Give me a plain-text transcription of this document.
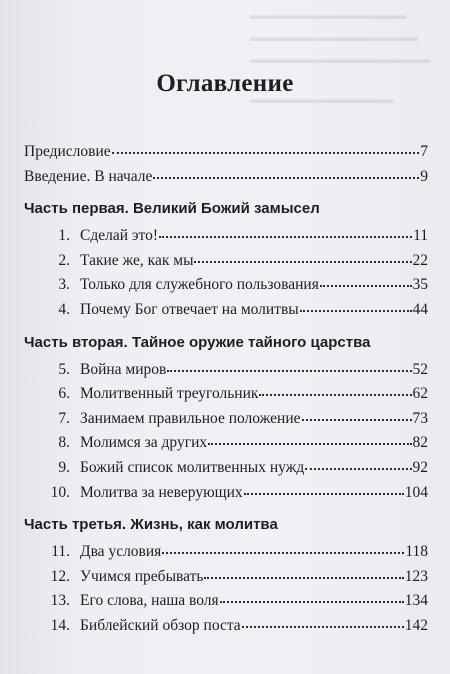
▬▬▬▬▬▬▬▬▬▬▬▬▬
▬▬▬▬▬▬▬▬▬▬▬▬▬▬
▬▬▬▬▬▬▬▬▬▬▬▬▬▬▬
▬▬▬▬▬▬▬▬▬▬▬▬
Оглавление
Предисловие	7
Введение. В начале	9
Часть первая. Великий Божий замысел
1. Сделай это!	11
2. Такие же, как мы	22
3. Только для служебного пользования	35
4. Почему Бог отвечает на молитвы	44
Часть вторая. Тайное оружие тайного царства
5. Война миров	52
6. Молитвенный треугольник	62
7. Занимаем правильное положение	73
8. Молимся за других	82
9. Божий список молитвенных нужд	92
10. Молитва за неверующих	104
Часть третья. Жизнь, как молитва
11. Два условия	118
12. Учимся пребывать	123
13. Его слова, наша воля	134
14. Библейский обзор поста	142
